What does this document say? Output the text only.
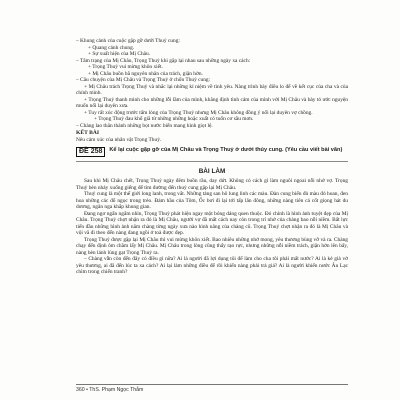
– Khung cảnh của cuộc gặp gỡ dưới Thuỷ cung:
+ Quang cảnh chung.
+ Sự xuất hiện của Mị Châu.
– Tâm trạng của Mị Châu, Trọng Thuỷ khi gặp lại nhau sau những ngày xa cách:
+ Trọng Thuỷ vui mừng khôn xiết.
+ Mị Châu buồn bã nguyên nhân của trách, giận hờn.
– Câu chuyện của Mị Châu và Trọng Thuỷ ở chốn Thuỷ cung:

+ Mị Châu trách Trọng Thuỷ và nhắc lại những kỉ niệm về tình yêu. Nàng trình bày điều lo để về kết cục của cha và của chính mình.

+ Trọng Thuỷ thanh minh cho những lỗi lầm của mình, khẳng định tình cảm của mình với Mị Châu và bày tỏ ước nguyện muốn nối lại duyên xưa.

+ Tuy rất xúc động trước tấm lòng của Trọng Thuỷ nhưng Mị Châu không đồng ý nối lại duyên vợ chồng.

+ Trọng Thuỷ đau khổ giã từ những những hoặc xuất có tuổn cơ sầu mơn.
– Chàng lao thân thành những bọt nước biển mang hình giọt lệ.
KẾT BÀI
Nêu cảm xúc của nhân vật Trọng Thuỷ.
ĐỀ 258	Kể lại cuộc gặp gỡ của Mị Châu và Trọng Thuỷ ở dưới thủy cung. (Yêu cầu viết bài văn)
BÀI LÀM

Sau khi Mị Châu chết, Trọng Thuỷ ngày đêm buồn rầu, day dứt. Không có cách gì làm nguôi ngoai nỗi nhớ vợ. Trọng Thuỷ bèn nhảy xuống giếng để tìm đường đến thuỷ cung gặp lại Mị Châu.

Thuỷ cung là một thế giới long lanh, trong vắt. Những tảng san hô lung linh các màu. Đàn cung biển đủ màu đỏ hoan, đen hoa những các đổ ngọc trong trẻo. Đám hầu của Tôm, Ốc bơi đi lại tới tấp lân đông, những nàng tiên cá cốt giọng hát du dương, ngân nga khắp khung gian.

Đang ngơ ngẩn ngắm nhìn, Trọng Thuỷ phát hiện ngay một bóng dáng quen thuộc. Đó chính là hình ảnh tuyệt đẹp của Mị Châu. Trọng Thuỷ chợt nhận ra đó là Mị Châu, người vợ đã mất cách nay còn trong trí nhớ của chàng bao nỗi niềm. Bất lực tiến đầu những hình ảnh năm chàng từng ngày xưa nào hình nâng của chàng cũ. Trọng Thuỷ chợt nhận ra đó là Mị Châu và vội vã đi theo đến nàng đang ngồi ở toà được đẹp.

Trọng Thuỷ được gặp lại Mị Châu thì vui mừng khôn xiết. Bao nhiêu những nhớ mong, yêu thương bùng vỡ và ra. Chàng chạy đến định ôm chầm lấy Mị Châu. Mị Châu trong lòng cũng thấy rạo rực, nhưng những nỗi niềm trách, giận hờn lên bấy, nàng bèn lánh lùng gạt Trọng Thuỷ ra.

– Chàng vẫn còn đến đây có điều gì nữa? Ai là người đã lợi dụng tôi để làm cho cha tôi phải mất nước? Ai là kẻ giả vờ yêu thương, ai đã đến lúc ta xa cách? Ai lại làm những điều để rồi khiến nàng phải trả giá? Ai là người khiến nước Âu Lạc chìm trong chiến tranh?

360 • ThS. Phạm Ngọc Thắm
